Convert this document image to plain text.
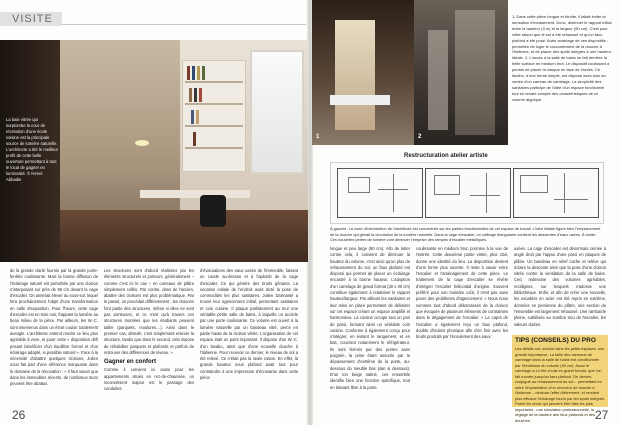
VISITE
La baie vitrée qui surplombe la cour de récréation d'une école voisine est la principale source de lumière naturelle. L'architecte a tiré le meilleur profit de cette belle ouverture permettant à tout le local de gagner en luminosité. © Hervé Abbadie
de la grande clarté fournie par la grande porte-fenêtre coulissante. Mais la bonne diffusion de l'éclairage naturel est perturbée par une cloison s'interposant sur près de 96 cm devant la cage d'escalier. On aimerait élever au sous-sol, lequel fera prochainement l'objet d'une transformation en salle d'exposition. Pour l'heure, cette cage d'escalier est en trois noir, frappant la lumière au beau milieu de la pièce. Par ailleurs, les W.-C. sont intervenus dans un étroit couloir totalement aveugle. L'architecte entend rendre ce lieu plus agréable à vivre, et jouer cette « disposition défi posant bénéficier d'un équilibre formel et d'un éclairage adapté, si possible naturel ». Face à la nécessité d'abattre quelques cloisons, Julien nous fait part d'une référence marquante dans le domaine de la rénovation : « Il faut savoir que dans les immeubles récents, de nombreux murs peuvent être abattus.
Les structures sont d'abord réalisées par les éléments structurels et porteurs, généralement – comme c'est ici le cas – en carreaux de plâtre simplement collés. Par contre, dans de l'ancien, abattre des cloisons est plus problématique. Par le passé, on procédait différemment : les cloisons font partie des structures, même si elles ne sont pas porteuses, et ce n'est qu'à travers ces structures montées que les étudiants peuvent tailler (parquets, moulures…). Ainsi dans le premier cas, démolir, c'est simplement enlever la structure, tandis que dans le second, cela impose de réhabiliter parquets et plafonds et parfois de retrouver des différences de niveau. »
Gagner en confort
Comme il convient ici aussi pour les appartements situés en rez-de-chaussée, un inconvénient majeur est le passage des conduites
d'évacuations des eaux usées de l'immeuble, faisant un coude au-dessus et à l'aplomb de la cage d'escalier. Ce qui génère des bruits gênants. La vocation initiale de l'endroit avait dicté la pose de commodités les plus sanitaires. Julien Darmanté a trouvé leur agencement initial, permettant sanitaires et coin cuisine. Il plaque parfaitement au mur une véritable petite salle de bains, à laquelle on accède par une porte coulissante. Ce volume est ouvert à la lumière naturelle par un bandeau vitré, percé en partie haute de la cloison vitrée. L'organisation de cet espace était un point important. Il dispose d'un W.-C. d'un lavabo, ainsi que d'une nouvelle douche à l'italienne. Pour recevoir ce dernier, le niveau de sol a été relevé. Ce n'était pas la seule raison. En effet, la grande hauteur sous plafond avait tout pour contraindre à une impression d'écrasante dans cette pièce
26
1	2
1. Dans cette pièce longue et étroite, il fallait éviter la sensation d'écrasement. Donc, diminuer le rapport initial entre la hauteur (3 m) et la largeur (90 cm). C'est pour cette raison que le sol a été rehaussé et qu'un faux plafond a été posé. Autre avantage de ces dispositifs : permettre de loger le raccordement de la douche à l'italienne, et de placer des spots intégrés à une hauteur idéale. 2. L'accès à la salle de bains se fait derrière la belle surface en medium brut. Le dispositif coulissant a permis de placer la vasque en face de l'accès. Ce lavabo, d'une forme simple, est disposé avec soin au centre d'un carreau de carrelage. La simplicité des sanitaires participe de l'idée d'un espace fonctionnel tout en tenant compte des caractéristiques de ce volume atypique.
Restructuration atelier artiste
À gauche. La zone d'intervention de l'architecte est concentrée sur les parties fonctionnelles de cet espace de travail. L'idée initiale figure bien l'emplacement de la douche qui gênait la circulation de la lumière naturelle. Dans la cage d'escalier, un coffrage triangulaire contient les descentes d'eaux usées. À droite. Ces nouvelles pertes de lumière vont diminuer l'emprise des rampes d'escalier métalliques.
longue et peu large (90 cm). Afin de lutter contre cela, il convient de diminuer la hauteur du volume, c'est ainsi qu'un plus de rehaussement du sol, un faux plafond est disposé qui permet de placer un éclairage encastré à la bonne hauteur. L'adoption d'un carrelage de grand format (30 x 30 cm) contribue également à relativiser le rapport hauteur/largeur. Par ailleurs les sanitaires et leur mise en place permettent de délimiter sur cet espace créant un espace amplifié et harmonieux. La cuisine occupe tout un pan de paroi, formant ainsi un véritable coin cuisine. Conforme à également conçu pour s'intégrer, en évitant le rangement, et en bas, couvrant notamment le réfrigérateur. Ils sont fermés par des portes sans poignée, la prise étant assurée par le dépassement d'extrême de la porte, au-dessous du meuble bas plan si dessous). D'un ton beige satiné, ces ensemble identifie bien une fonction spécifique, tout en laissant libre à la porte
coulissante en médium brut, promise à la vue de l'entrée. Cette deuxième partie vitrée, plus clair, donne une identité du lieu. La disposition devient d'une forme plus ouverte. Il reste à savoir entre l'escalier et l'aménagement de cette pièce. Le traitement de la cage d'escalier se révèle d'intégrer l'escalier hélicoïdal d'origine. Souvent préféré pour son moindre coût, il n'est pas sans poser des problèmes d'agencement. « Nous nous sommes tout d'abord débarrassés de la cloison que évoquée de plusieurs éléments de contraintes dans le dégagement de l'escalier. » Le capot de l'escalier a également reçu un faux plafond, double d'isolant phonique afin d'en finir avec les bruits produits par l'écoulement des eaux
usées. La cage d'escalier est désormais cernée à angle droit par l'appui d'une paroi en plaques de plâtre. Un bandeau en relief cache et relève qui éclaire la descente ainsi que la pose d'une cloison vitrée contre la ventilation de la salle de bains. Ceci redessine des volumes agréables, rectilignes, sur lesquels s'adosse une bibliothèque. Enfin, et afin de créer une nouvelle, les escaliers en acier ont été repris en extrême, données en persienne du plâtre, une section de l'ensemble est largement rehaussé. Une rambarde pleine, subtilisée au sombre trou de l'escalier, les valeurs claires.
TIPS (CONSEILS) DU PRO
Les détails ont, surtout dans les petits espaces, une grande importance. La taille des carreaux de carrelage dans la salle de bains est conditionnée par l'étroitesse du volume (90 cm). Aussi le carrelage a-t-il été choisi en grand format, que l'on fait monter jusqu'au faux plafond. De dernier, conjugué au rehaussement du sol – permettant en outre l'implantation d'un receveur de douche à l'italienne – diminue l'effet d'étirement, et rendent plus efficace l'éclairage fourni par les spots intégrés. Parmi les choix qui peuvent être faits les plus importants : une simulation professionnelle, la réglage de la hauteur des faux plafonds et des douches.	27
